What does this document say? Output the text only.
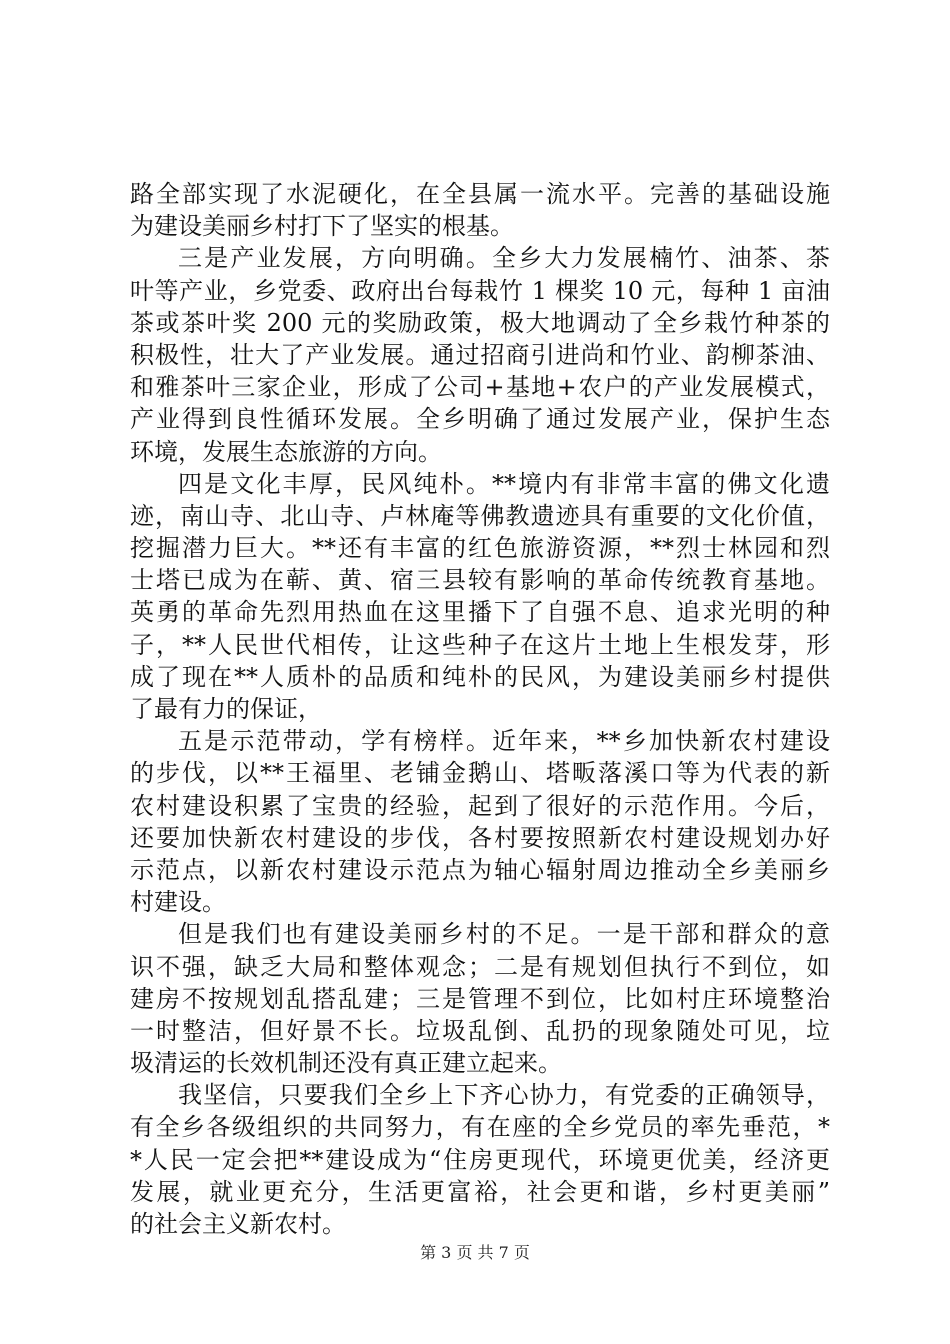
路全部实现了水泥硬化，在全县属一流水平。完善的基础设施
为建设美丽乡村打下了坚实的根基。
三是产业发展，方向明确。全乡大力发展楠竹、油茶、茶
叶等产业，乡党委、政府出台每栽竹 1 棵奖 10 元，每种 1 亩油
茶或茶叶奖 200 元的奖励政策，极大地调动了全乡栽竹种茶的
积极性，壮大了产业发展。通过招商引进尚和竹业、韵柳茶油、
和雅茶叶三家企业，形成了公司+基地+农户的产业发展模式，
产业得到良性循环发展。全乡明确了通过发展产业，保护生态
环境，发展生态旅游的方向。
四是文化丰厚，民风纯朴。**境内有非常丰富的佛文化遗
迹，南山寺、北山寺、卢林庵等佛教遗迹具有重要的文化价值，
挖掘潜力巨大。**还有丰富的红色旅游资源，**烈士林园和烈
士塔已成为在蕲、黄、宿三县较有影响的革命传统教育基地。
英勇的革命先烈用热血在这里播下了自强不息、追求光明的种
子，**人民世代相传，让这些种子在这片土地上生根发芽，形
成了现在**人质朴的品质和纯朴的民风，为建设美丽乡村提供
了最有力的保证，
五是示范带动，学有榜样。近年来，**乡加快新农村建设
的步伐，以**王福里、老铺金鹅山、塔畈落溪口等为代表的新
农村建设积累了宝贵的经验，起到了很好的示范作用。今后，
还要加快新农村建设的步伐，各村要按照新农村建设规划办好
示范点，以新农村建设示范点为轴心辐射周边推动全乡美丽乡
村建设。
但是我们也有建设美丽乡村的不足。一是干部和群众的意
识不强，缺乏大局和整体观念；二是有规划但执行不到位，如
建房不按规划乱搭乱建；三是管理不到位，比如村庄环境整治
一时整洁，但好景不长。垃圾乱倒、乱扔的现象随处可见，垃
圾清运的长效机制还没有真正建立起来。
我坚信，只要我们全乡上下齐心协力，有党委的正确领导，
有全乡各级组织的共同努力，有在座的全乡党员的率先垂范，*
*人民一定会把**建设成为“住房更现代，环境更优美，经济更
发展，就业更充分，生活更富裕，社会更和谐，乡村更美丽”
的社会主义新农村。
第 3 页 共 7 页
